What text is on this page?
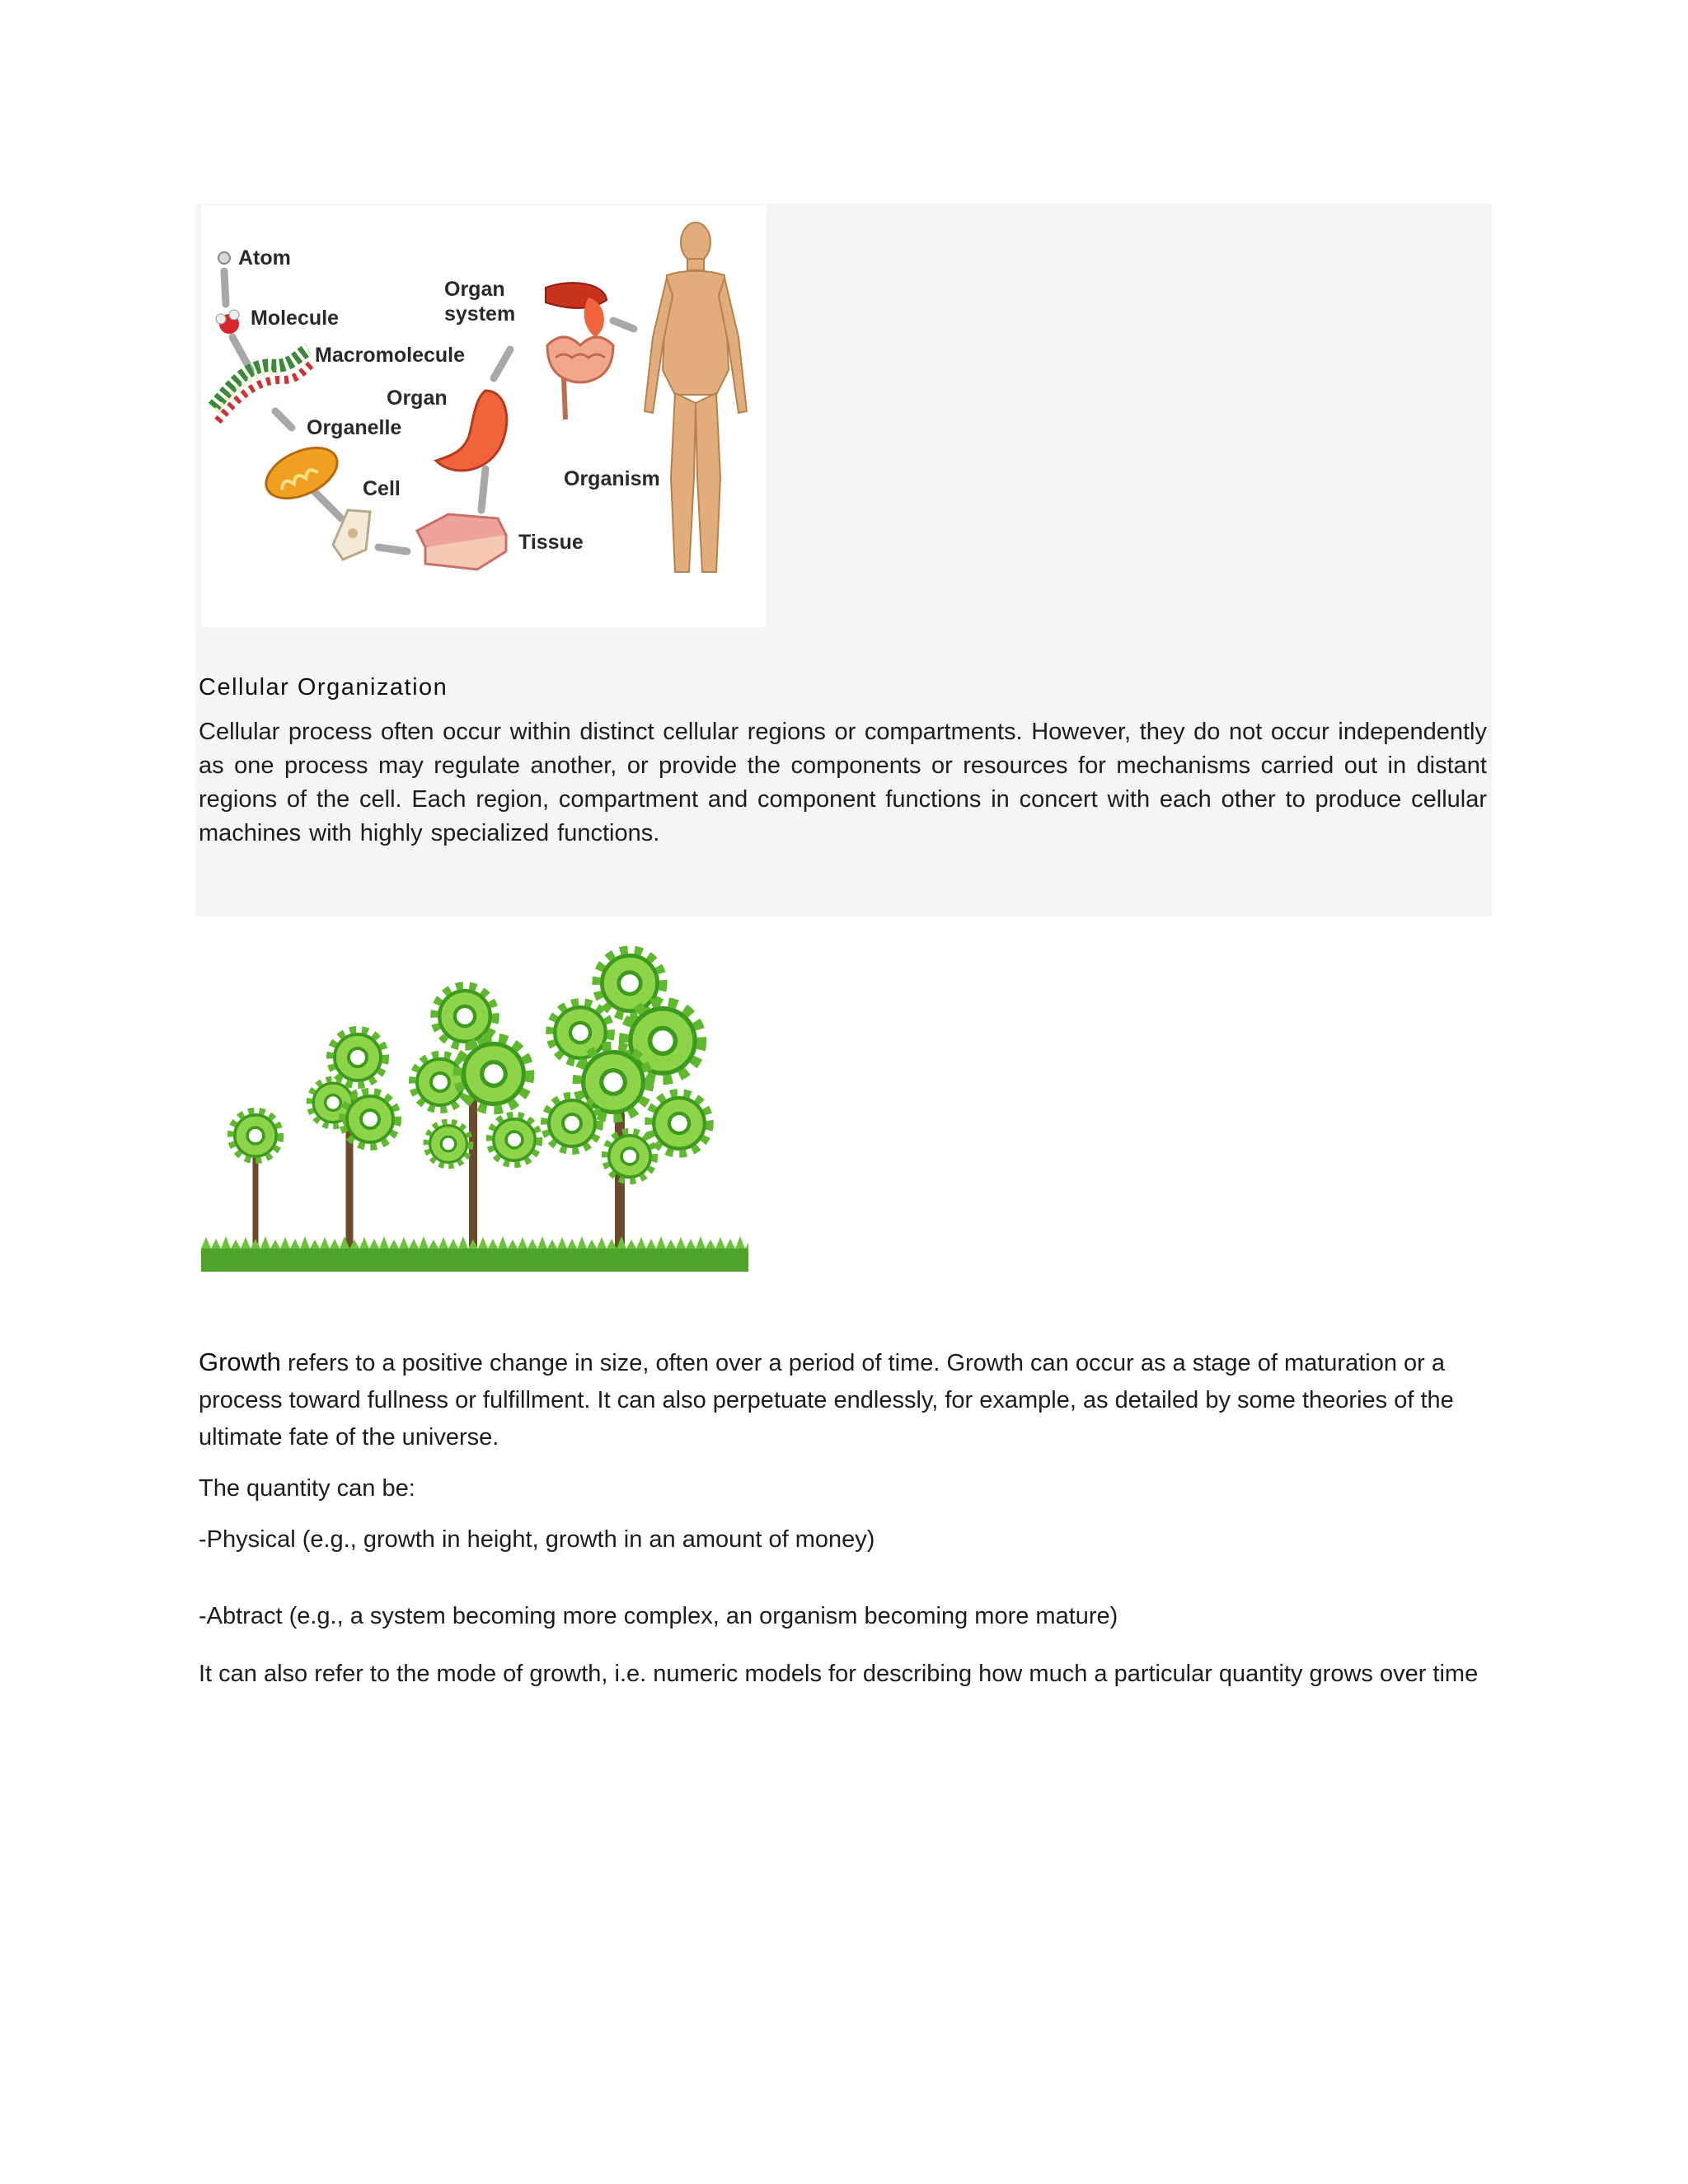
Atom
Molecule
Macromolecule
Organelle
Cell
Tissue
Organ
Organ
system
Organism
Cellular Organization
Cellular process often occur within distinct cellular regions or compartments. However, they do not occur independently as one process may regulate another, or provide the components or resources for mechanisms carried out in distant regions of the cell. Each region, compartment and component functions in concert with each other to produce cellular machines with highly specialized functions.
Growth refers to a positive change in size, often over a period of time. Growth can occur as a stage of maturation or a process toward fullness or fulfillment. It can also perpetuate endlessly, for example, as detailed by some theories of the ultimate fate of the universe.
The quantity can be:
-Physical (e.g., growth in height, growth in an amount of money)
-Abtract (e.g., a system becoming more complex, an organism becoming more mature)
It can also refer to the mode of growth, i.e. numeric models for describing how much a particular quantity grows over time
